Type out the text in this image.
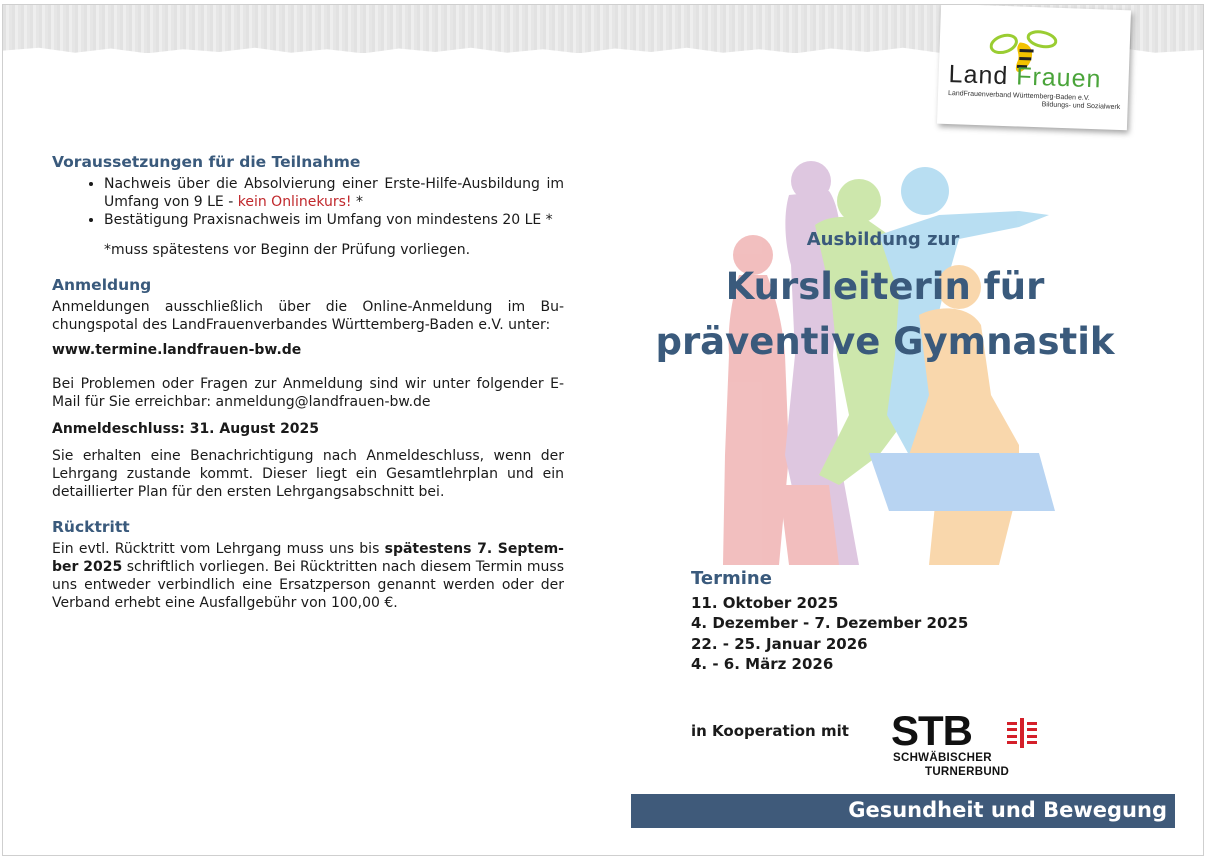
Land Frauen
LandFrauenverband Württemberg-Baden e.V.
Bildungs- und Sozialwerk
Voraussetzungen für die Teilnahme
• Nachweis über die Absolvierung einer Erste-Hilfe-Ausbildung im Umfang von 9 LE - kein Onlinekurs! *
• Bestätigung Praxisnachweis im Umfang von mindestens 20 LE *

*muss spätestens vor Beginn der Prüfung vorliegen.

Anmeldung

Anmeldungen ausschließlich über die Online-Anmeldung im Bu-chungspotal des LandFrauenverbandes Württemberg-Baden e.V. unter:

www.termine.landfrauen-bw.de

Bei Problemen oder Fragen zur Anmeldung sind wir unter folgender E-Mail für Sie erreichbar: anmeldung@landfrauen-bw.de

Anmeldeschluss: 31. August 2025

Sie erhalten eine Benachrichtigung nach Anmeldeschluss, wenn der Lehrgang zustande kommt. Dieser liegt ein Gesamtlehrplan und ein detaillierter Plan für den ersten Lehrgangsabschnitt bei.

Rücktritt

Ein evtl. Rücktritt vom Lehrgang muss uns bis spätestens 7. Septem-ber 2025 schriftlich vorliegen. Bei Rücktritten nach diesem Termin muss uns entweder verbindlich eine Ersatzperson genannt werden oder der Verband erhebt eine Ausfallgebühr von 100,00 €.

Ausbildung zur
Kursleiterin für
präventive Gymnastik
Termine
11. Oktober 2025
4. Dezember - 7. Dezember 2025
22. - 25. Januar 2026
4. - 6. März 2026
in Kooperation mit STB
SCHWÄBISCHER
TURNERBUND
Gesundheit und Bewegung
